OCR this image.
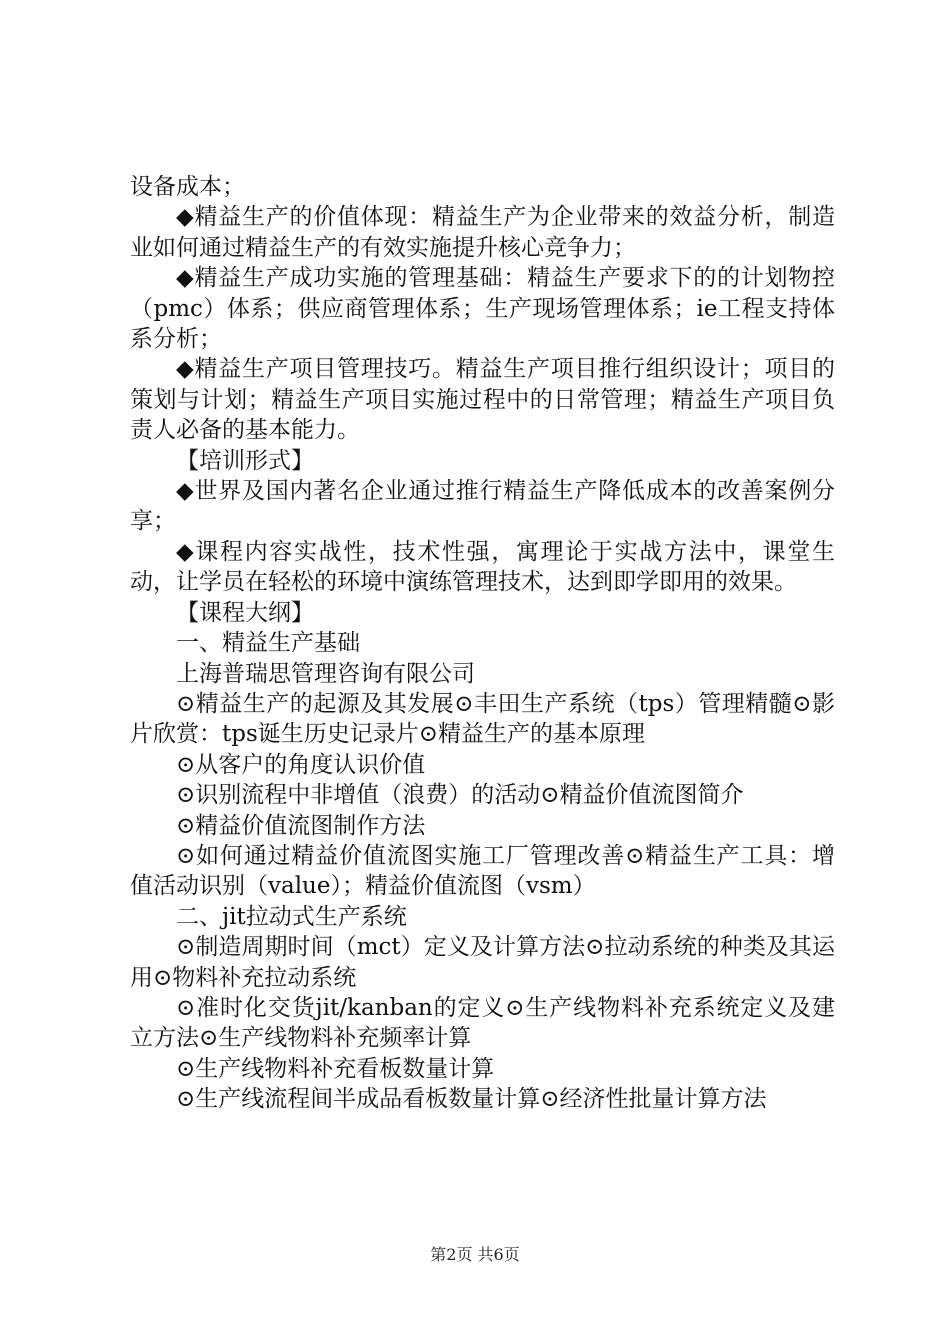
设备成本；

◆精益生产的价值体现：精益生产为企业带来的效益分析，制造业如何通过精益生产的有效实施提升核心竞争力；

◆精益生产成功实施的管理基础：精益生产要求下的的计划物控（pmc）体系；供应商管理体系；生产现场管理体系；ie工程支持体系分析；

◆精益生产项目管理技巧。精益生产项目推行组织设计；项目的策划与计划；精益生产项目实施过程中的日常管理；精益生产项目负责人必备的基本能力。

【培训形式】

◆世界及国内著名企业通过推行精益生产降低成本的改善案例分享；

◆课程内容实战性，技术性强，寓理论于实战方法中，课堂生动，让学员在轻松的环境中演练管理技术，达到即学即用的效果。

【课程大纲】

一、精益生产基础

上海普瑞思管理咨询有限公司

⊙精益生产的起源及其发展⊙丰田生产系统（tps）管理精髓⊙影片欣赏：tps诞生历史记录片⊙精益生产的基本原理

⊙从客户的角度认识价值

⊙识别流程中非增值（浪费）的活动⊙精益价值流图简介

⊙精益价值流图制作方法

⊙如何通过精益价值流图实施工厂管理改善⊙精益生产工具：增值活动识别（value）；精益价值流图（vsm）

二、jit拉动式生产系统

⊙制造周期时间（mct）定义及计算方法⊙拉动系统的种类及其运用⊙物料补充拉动系统

⊙准时化交货jit/kanban的定义⊙生产线物料补充系统定义及建立方法⊙生产线物料补充频率计算

⊙生产线物料补充看板数量计算

⊙生产线流程间半成品看板数量计算⊙经济性批量计算方法

第2页 共6页
